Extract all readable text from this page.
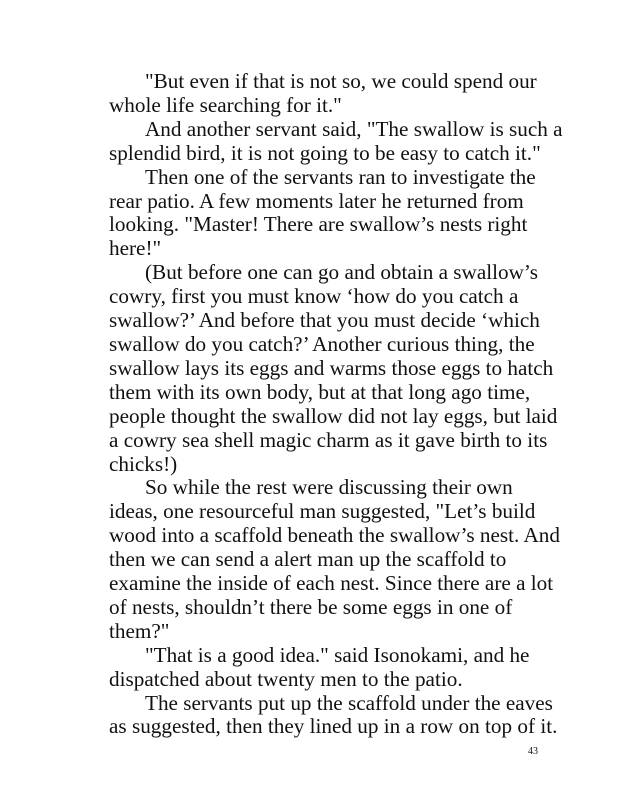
"But even if that is not so, we could spend our
whole life searching for it."

And another servant said, "The swallow is such a
splendid bird, it is not going to be easy to catch it."

Then one of the servants ran to investigate the
rear patio. A few moments later he returned from
looking. "Master! There are swallow’s nests right
here!"

(But before one can go and obtain a swallow’s
cowry, first you must know ‘how do you catch a
swallow?’ And before that you must decide ‘which
swallow do you catch?’ Another curious thing, the
swallow lays its eggs and warms those eggs to hatch
them with its own body, but at that long ago time,
people thought the swallow did not lay eggs, but laid
a cowry sea shell magic charm as it gave birth to its
chicks!)

So while the rest were discussing their own
ideas, one resourceful man suggested, "Let’s build
wood into a scaffold beneath the swallow’s nest. And
then we can send a alert man up the scaffold to
examine the inside of each nest. Since there are a lot
of nests, shouldn’t there be some eggs in one of
them?"

"That is a good idea." said Isonokami, and he
dispatched about twenty men to the patio.

The servants put up the scaffold under the eaves
as suggested, then they lined up in a row on top of it.

43
